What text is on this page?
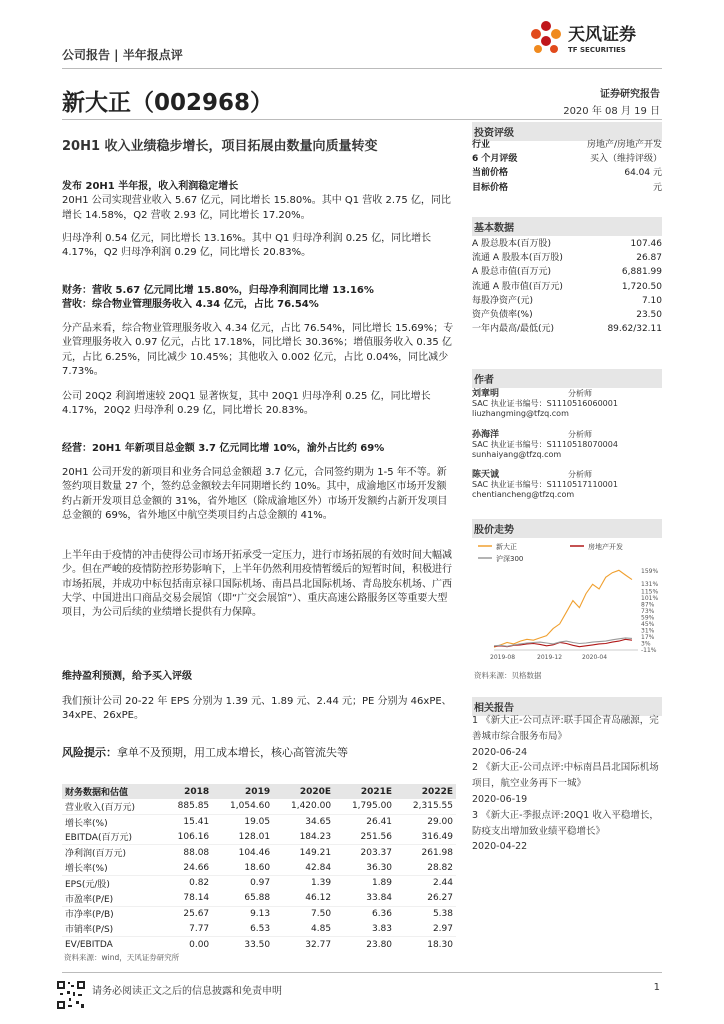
公司报告 | 半年报点评
天风证券
TF SECURITIES
新大正（002968）	证券研究报告
2020 年 08 月 19 日
20H1 收入业绩稳步增长，项目拓展由数量向质量转变
发布 20H1 半年报，收入利润稳定增长
20H1 公司实现营业收入 5.67 亿元，同比增长 15.80%。其中 Q1 营收 2.75 亿，同比增长 14.58%，Q2 营收 2.93 亿，同比增长 17.20%。
归母净利 0.54 亿元，同比增长 13.16%。其中 Q1 归母净利润 0.25 亿，同比增长 4.17%，Q2 归母净利润 0.29 亿，同比增长 20.83%。
财务：营收 5.67 亿元同比增 15.80%，归母净利润同比增 13.16%
营收：综合物业管理服务收入 4.34 亿元，占比 76.54%
分产品来看，综合物业管理服务收入 4.34 亿元，占比 76.54%，同比增长 15.69%；专业管理服务收入 0.97 亿元，占比 17.18%，同比增长 30.36%；增值服务收入 0.35 亿元，占比 6.25%，同比减少 10.45%；其他收入 0.002 亿元，占比 0.04%，同比减少 7.73%。
公司 20Q2 利润增速较 20Q1 显著恢复，其中 20Q1 归母净利 0.25 亿，同比增长 4.17%，20Q2 归母净利 0.29 亿，同比增长 20.83%。
经营：20H1 年新项目总金额 3.7 亿元同比增 10%，渝外占比约 69%
20H1 公司开发的新项目和业务合同总金额超 3.7 亿元，合同签约期为 1-5 年不等。新签约项目数量 27 个，签约总金额较去年同期增长约 10%。其中，成渝地区市场开发额约占新开发项目总金额的 31%，省外地区（除成渝地区外）市场开发额约占新开发项目总金额的 69%，省外地区中航空类项目约占总金额的 41%。
上半年由于疫情的冲击使得公司市场开拓承受一定压力，进行市场拓展的有效时间大幅减少。但在严峻的疫情防控形势影响下，上半年仍然利用疫情暂缓后的短暂时间，积极进行市场拓展，并成功中标包括南京禄口国际机场、南昌昌北国际机场、青岛胶东机场、广西大学、中国进出口商品交易会展馆（即“广交会展馆”）、重庆高速公路服务区等重要大型项目，为公司后续的业绩增长提供有力保障。
维持盈利预测，给予买入评级
我们预计公司 20-22 年 EPS 分别为 1.39 元、1.89 元、2.44 元；PE 分别为 46xPE、34xPE、26xPE。
风险提示：拿单不及预期，用工成本增长，核心高管流失等
投资评级
行业	房地产/房地产开发
6 个月评级	买入（维持评级）
当前价格	64.04 元
目标价格	元
基本数据
A 股总股本(百万股)	107.46
流通 A 股股本(百万股)	26.87
A 股总市值(百万元)	6,881.99
流通 A 股市值(百万元)	1,720.50
每股净资产(元)	7.10
资产负债率(%)	23.50
一年内最高/最低(元)	89.62/32.11
作者
刘章明	分析师
SAC 执业证书编号：S1110516060001
liuzhangming@tfzq.com
孙海洋	分析师
SAC 执业证书编号：S1110518070004
sunhaiyang@tfzq.com
陈天诚	分析师
SAC 执业证书编号：S1110517110001
chentiancheng@tfzq.com
股价走势
新大正	房地产开发
沪深300
-11%
3%
17%
31%
45%
59%
73%
87%
101%
115%
131%
159%
2019-08	2019-12	2020-04
资料来源：贝格数据
相关报告
1 《新大正-公司点评:联手国企青岛融源，完善城市综合服务布局》
2020-06-24
2 《新大正-公司点评:中标南昌昌北国际机场项目，航空业务再下一城》
2020-06-19
3 《新大正-季报点评:20Q1 收入平稳增长，防疫支出增加致业绩平稳增长》
2020-04-22
财务数据和估值	2018	2019	2020E	2021E	2022E
营业收入(百万元)	885.85	1,054.60	1,420.00	1,795.00	2,315.55
增长率(%)	15.41	19.05	34.65	26.41	29.00
EBITDA(百万元)	106.16	128.01	184.23	251.56	316.49
净利润(百万元)	88.08	104.46	149.21	203.37	261.98
增长率(%)	24.66	18.60	42.84	36.30	28.82
EPS(元/股)	0.82	0.97	1.39	1.89	2.44
市盈率(P/E)	78.14	65.88	46.12	33.84	26.27
市净率(P/B)	25.67	9.13	7.50	6.36	5.38
市销率(P/S)	7.77	6.53	4.85	3.83	2.97
EV/EBITDA	0.00	33.50	32.77	23.80	18.30
资料来源：wind，天风证券研究所
请务必阅读正文之后的信息披露和免责申明	1
